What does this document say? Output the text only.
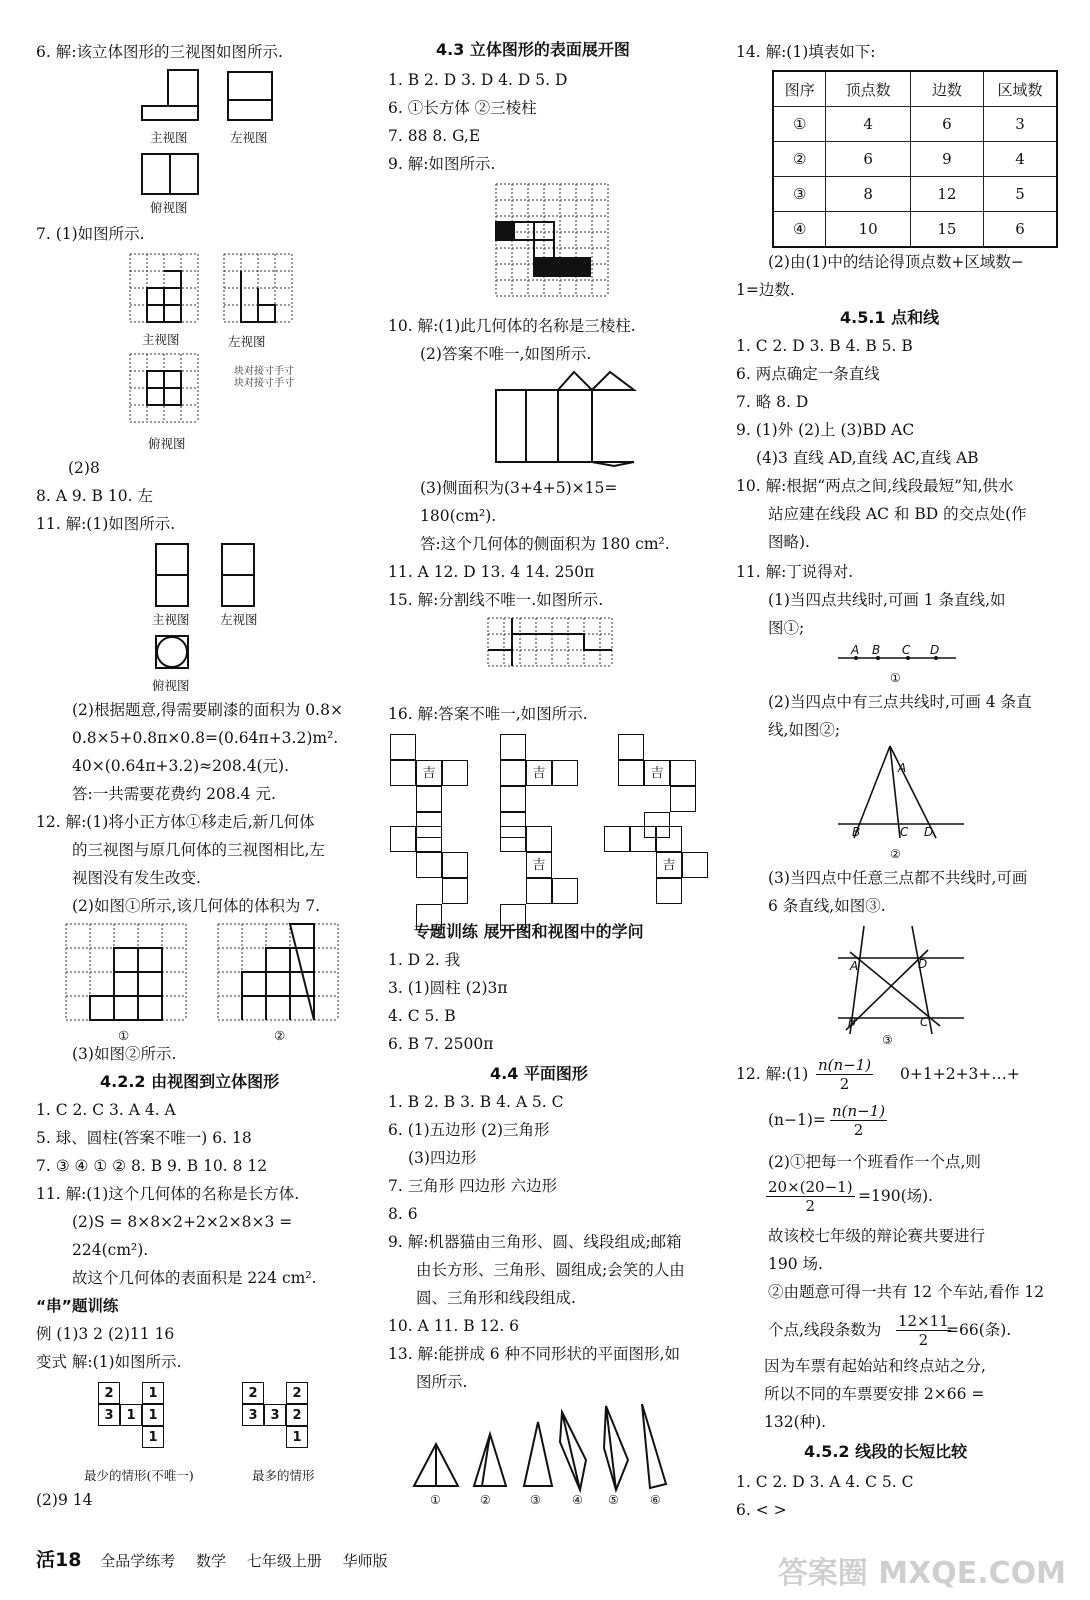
6. 解:该立体图形的三视图如图所示.
主视图	左视图
俯视图
7. (1)如图所示.
主视图	左视图
块对接寸手寸
块对接寸手寸
俯视图
(2)8
8. A 9. B 10. 左
11. 解:(1)如图所示.
主视图 左视图
俯视图
(2)根据题意,得需要刷漆的面积为 0.8×
0.8×5+0.8π×0.8=(0.64π+3.2)m².
40×(0.64π+3.2)≈208.4(元).
答:一共需要花费约 208.4 元.
12. 解:(1)将小正方体①移走后,新几何体
的三视图与原几何体的三视图相比,左
视图没有发生改变.
(2)如图①所示,该几何体的体积为 7.
①	②
(3)如图②所示.
4.2.2 由视图到立体图形
1. C 2. C 3. A 4. A
5. 球、圆柱(答案不唯一) 6. 18
7. ③ ④ ① ② 8. B 9. B 10. 8 12
11. 解:(1)这个几何体的名称是长方体.
(2)S = 8×8×2+2×2×8×3 =
224(cm²).
故这个几何体的表面积是 224 cm².
“串”题训练
例 (1)3 2 (2)11 16
变式 解:(1)如图所示.
2	1
3 1 1
1
2	2
3 3 2
1
最少的情形(不唯一)	最多的情形
(2)9 14
4.3 立体图形的表面展开图
1. B 2. D 3. D 4. D 5. D
6. ①长方体 ②三棱柱
7. 88 8. G,E
9. 解:如图所示.
10. 解:(1)此几何体的名称是三棱柱.
(2)答案不唯一,如图所示.
(3)侧面积为(3+4+5)×15=
180(cm²).
答:这个几何体的侧面积为 180 cm².
11. A 12. D 13. 4 14. 250π
15. 解:分割线不唯一.如图所示.
16. 解:答案不唯一,如图所示.
吉	吉	吉
吉	吉
专题训练 展开图和视图中的学问
1. D 2. 我
3. (1)圆柱 (2)3π
4. C 5. B
6. B 7. 2500π
4.4 平面图形
1. B 2. B 3. B 4. A 5. C
6. (1)五边形 (2)三角形
(3)四边形
7. 三角形 四边形 六边形
8. 6
9. 解:机器猫由三角形、圆、线段组成;邮箱
由长方形、三角形、圆组成;会笑的人由
圆、三角形和线段组成.
10. A 11. B 12. 6
13. 解:能拼成 6 种不同形状的平面图形,如
图所示.
①	②	③	④ ⑤	⑥
14. 解:(1)填表如下:
图序	顶点数	边数	区域数
①	4	6	3
②	6	9	4
③	8	12	5
④	10	15	6
(2)由(1)中的结论得顶点数+区域数−
1=边数.
4.5.1 点和线
1. C 2. D 3. B 4. B 5. B
6. 两点确定一条直线
7. 略 8. D
9. (1)外 (2)上 (3)BD AC
(4)3 直线 AD,直线 AC,直线 AB
10. 解:根据“两点之间,线段最短”知,供水
站应建在线段 AC 和 BD 的交点处(作
图略).
11. 解:丁说得对.
(1)当四点共线时,可画 1 条直线,如
图①;
A B C D
①
(2)当四点中有三点共线时,可画 4 条直
线,如图②;
A
B	C D
②
(3)当四点中任意三点都不共线时,可画
6 条直线,如图③.
A
B	C
D
③
12. 解:(1) $\frac{n(n-1)}{2}$ 0+1+2+3+…+
$(n-1)= \frac{n(n-1)}{2}$
(2)①把每一个班看作一个点,则
$\frac{20\times(20-1)}{2} =190$(场).
故该校七年级的辩论赛共要进行
190 场.
②由题意可得一共有 12 个车站,看作 12
个点,线段条数为 $\frac{12\times 11}{2}$
=66(条).
因为车票有起始站和终点站之分,
所以不同的车票要安排 2×66 =
132(种).
4.5.2 线段的长短比较
1. C 2. D 3. A 4. C 5. C
6. < >
活18 全品学练考 数学 七年级上册 华师版	答案圈 MXQE.COM
